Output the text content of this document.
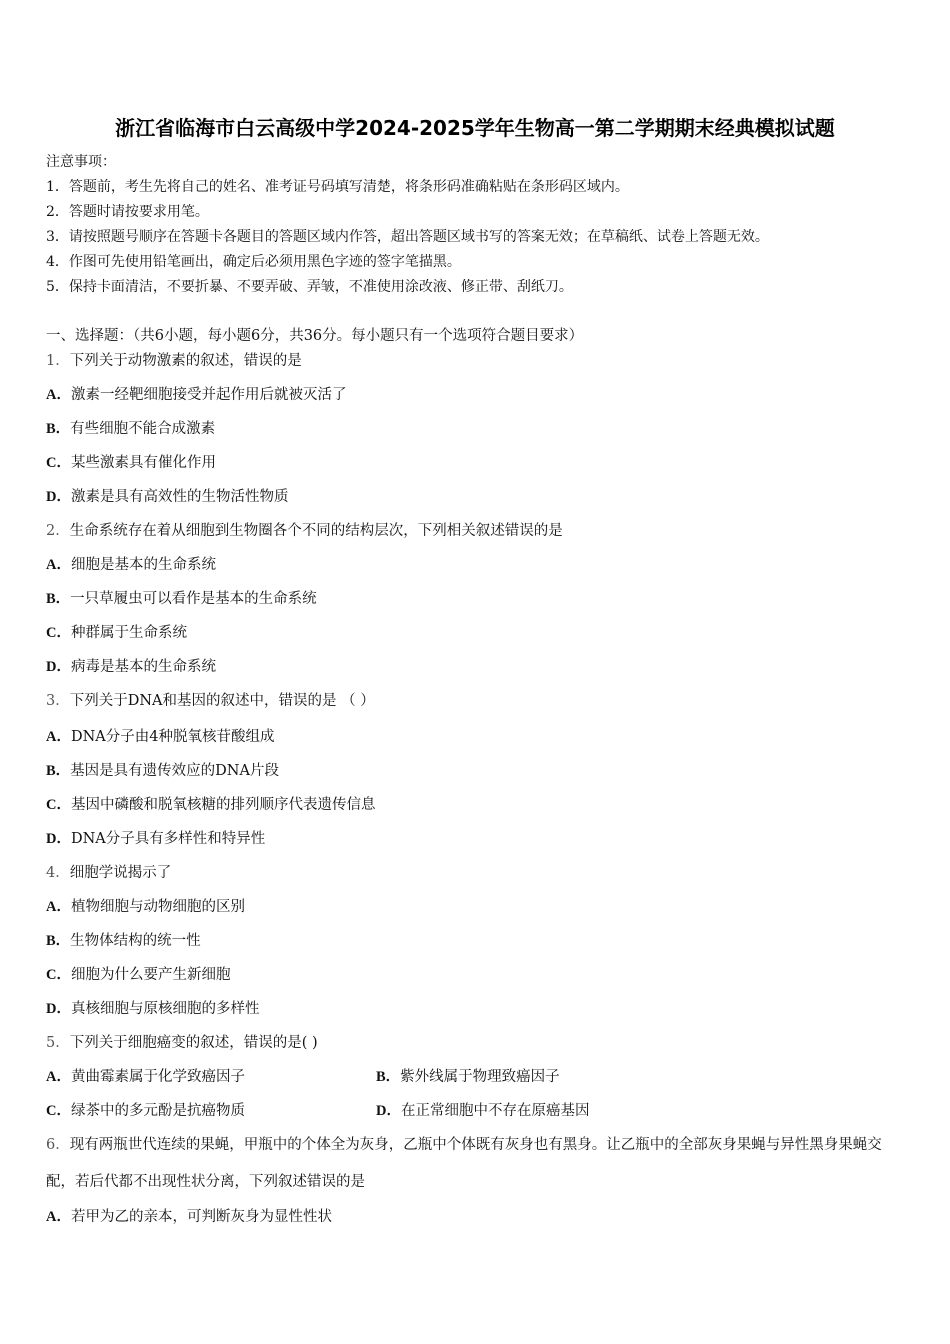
浙江省临海市白云高级中学2024-2025学年生物高一第二学期期末经典模拟试题
注意事项：
1．答题前，考生先将自己的姓名、准考证号码填写清楚，将条形码准确粘贴在条形码区域内。
2．答题时请按要求用笔。
3．请按照题号顺序在答题卡各题目的答题区域内作答，超出答题区域书写的答案无效；在草稿纸、试卷上答题无效。
4．作图可先使用铅笔画出，确定后必须用黑色字迹的签字笔描黑。
5．保持卡面清洁，不要折暴、不要弄破、弄皱，不准使用涂改液、修正带、刮纸刀。
一、选择题：（共6小题，每小题6分，共36分。每小题只有一个选项符合题目要求）
1．下列关于动物激素的叙述，错误的是
A．激素一经靶细胞接受并起作用后就被灭活了
B．有些细胞不能合成激素
C．某些激素具有催化作用
D．激素是具有高效性的生物活性物质
2．生命系统存在着从细胞到生物圈各个不同的结构层次，下列相关叙述错误的是
A．细胞是基本的生命系统
B．一只草履虫可以看作是基本的生命系统
C．种群属于生命系统
D．病毒是基本的生命系统
3．下列关于DNA和基因的叙述中，错误的是 （ ）
A．DNA分子由4种脱氧核苷酸组成
B．基因是具有遗传效应的DNA片段
C．基因中磷酸和脱氧核糖的排列顺序代表遗传信息
D．DNA分子具有多样性和特异性
4．细胞学说揭示了
A．植物细胞与动物细胞的区别
B．生物体结构的统一性
C．细胞为什么要产生新细胞
D．真核细胞与原核细胞的多样性
5．下列关于细胞癌变的叙述，错误的是( )
A．黄曲霉素属于化学致癌因子	B．紫外线属于物理致癌因子
C．绿茶中的多元酚是抗癌物质	D．在正常细胞中不存在原癌基因
6．现有两瓶世代连续的果蝇，甲瓶中的个体全为灰身，乙瓶中个体既有灰身也有黑身。让乙瓶中的全部灰身果蝇与异性黑身果蝇交配，若后代都不出现性状分离，下列叙述错误的是
A．若甲为乙的亲本，可判断灰身为显性性状
